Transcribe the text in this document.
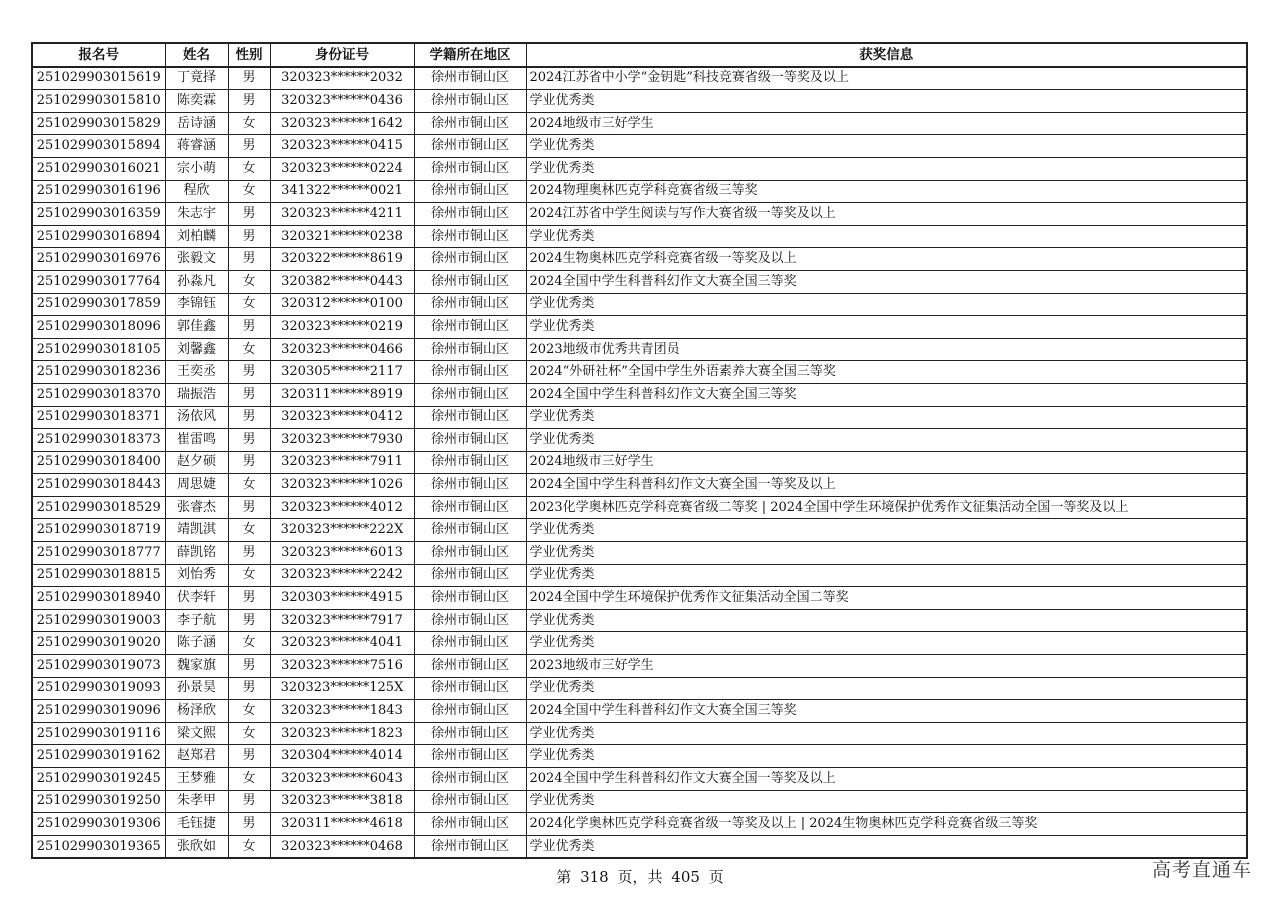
报名号	姓名	性别	身份证号	学籍所在地区	获奖信息
251029903015619	丁竟择	男	320323******2032	徐州市铜山区	2024江苏省中小学“金钥匙”科技竞赛省级一等奖及以上
251029903015810	陈奕霖	男	320323******0436	徐州市铜山区	学业优秀类
251029903015829	岳诗涵	女	320323******1642	徐州市铜山区	2024地级市三好学生
251029903015894	蒋睿涵	男	320323******0415	徐州市铜山区	学业优秀类
251029903016021	宗小萌	女	320323******0224	徐州市铜山区	学业优秀类
251029903016196	程欣	女	341322******0021	徐州市铜山区	2024物理奥林匹克学科竞赛省级三等奖
251029903016359	朱志宇	男	320323******4211	徐州市铜山区	2024江苏省中学生阅读与写作大赛省级一等奖及以上
251029903016894	刘柏麟	男	320321******0238	徐州市铜山区	学业优秀类
251029903016976	张毅文	男	320322******8619	徐州市铜山区	2024生物奥林匹克学科竞赛省级一等奖及以上
251029903017764	孙淼凡	女	320382******0443	徐州市铜山区	2024全国中学生科普科幻作文大赛全国三等奖
251029903017859	李锦钰	女	320312******0100	徐州市铜山区	学业优秀类
251029903018096	郭佳鑫	男	320323******0219	徐州市铜山区	学业优秀类
251029903018105	刘馨鑫	女	320323******0466	徐州市铜山区	2023地级市优秀共青团员
251029903018236	王奕丞	男	320305******2117	徐州市铜山区	2024“外研社杯”全国中学生外语素养大赛全国三等奖
251029903018370	瑞振浩	男	320311******8919	徐州市铜山区	2024全国中学生科普科幻作文大赛全国三等奖
251029903018371	汤依风	男	320323******0412	徐州市铜山区	学业优秀类
251029903018373	崔雷鸣	男	320323******7930	徐州市铜山区	学业优秀类
251029903018400	赵夕硕	男	320323******7911	徐州市铜山区	2024地级市三好学生
251029903018443	周思婕	女	320323******1026	徐州市铜山区	2024全国中学生科普科幻作文大赛全国一等奖及以上
251029903018529	张睿杰	男	320323******4012	徐州市铜山区	2023化学奥林匹克学科竞赛省级二等奖 | 2024全国中学生环境保护优秀作文征集活动全国一等奖及以上
251029903018719	靖凯淇	女	320323******222X	徐州市铜山区	学业优秀类
251029903018777	薛凯铭	男	320323******6013	徐州市铜山区	学业优秀类
251029903018815	刘怡秀	女	320323******2242	徐州市铜山区	学业优秀类
251029903018940	伏李轩	男	320303******4915	徐州市铜山区	2024全国中学生环境保护优秀作文征集活动全国二等奖
251029903019003	李子航	男	320323******7917	徐州市铜山区	学业优秀类
251029903019020	陈子涵	女	320323******4041	徐州市铜山区	学业优秀类
251029903019073	魏家旗	男	320323******7516	徐州市铜山区	2023地级市三好学生
251029903019093	孙景昊	男	320323******125X	徐州市铜山区	学业优秀类
251029903019096	杨泽欣	女	320323******1843	徐州市铜山区	2024全国中学生科普科幻作文大赛全国三等奖
251029903019116	梁文熙	女	320323******1823	徐州市铜山区	学业优秀类
251029903019162	赵郑君	男	320304******4014	徐州市铜山区	学业优秀类
251029903019245	王梦雅	女	320323******6043	徐州市铜山区	2024全国中学生科普科幻作文大赛全国一等奖及以上
251029903019250	朱孝甲	男	320323******3818	徐州市铜山区	学业优秀类
251029903019306	毛钰捷	男	320311******4618	徐州市铜山区	2024化学奥林匹克学科竞赛省级一等奖及以上 | 2024生物奥林匹克学科竞赛省级三等奖
251029903019365	张欣如	女	320323******0468	徐州市铜山区	学业优秀类
第 318 页，共 405 页	高考直通车
